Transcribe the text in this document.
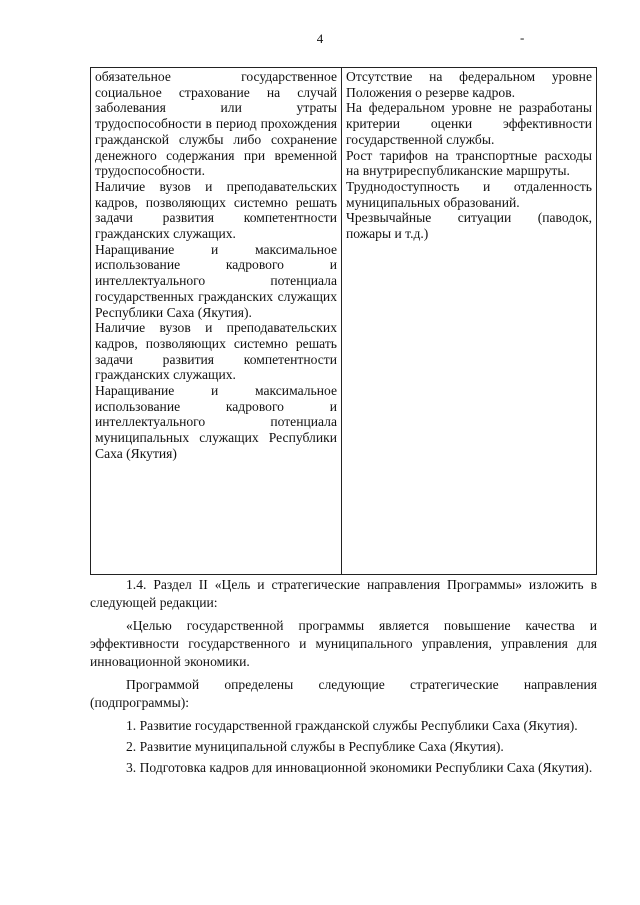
4	-

обязательное государственное социальное страхование на случай заболевания или утраты трудоспособности в период прохождения гражданской службы либо сохранение денежного содержания при временной трудоспособности.

Наличие вузов и преподавательских кадров, позволяющих системно решать задачи развития компетентности гражданских служащих.

Наращивание и максимальное использование кадрового и интеллектуального потенциала государственных гражданских служащих Республики Саха (Якутия).

Наличие вузов и преподавательских кадров, позволяющих системно решать задачи развития компетентности гражданских служащих.

Наращивание и максимальное использование кадрового и интеллектуального потенциала муниципальных служащих Республики Саха (Якутия)

Отсутствие на федеральном уровне Положения о резерве кадров.

На федеральном уровне не разработаны критерии оценки эффективности государственной службы.

Рост тарифов на транспортные расходы на внутриреспубликанские маршруты.

Труднодоступность и отдаленность муниципальных образований.

Чрезвычайные ситуации (паводок, пожары и т.д.)

1.4. Раздел II «Цель и стратегические направления Программы» изложить в следующей редакции:

«Целью государственной программы является повышение качества и эффективности государственного и муниципального управления, управления для инновационной экономики.

Программой определены следующие стратегические направления (подпрограммы):

1. Развитие государственной гражданской службы Республики Саха (Якутия).

2. Развитие муниципальной службы в Республике Саха (Якутия).

3. Подготовка кадров для инновационной экономики Республики Саха (Якутия).
